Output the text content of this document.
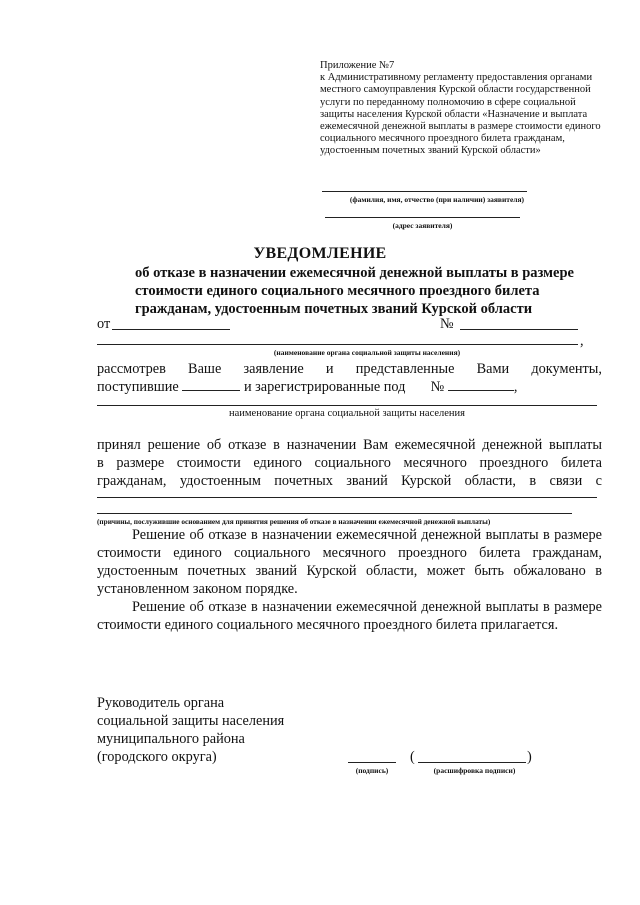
Приложение №7
к Административному регламенту предоставления органами местного самоуправления Курской области государственной услуги по переданному полномочию в сфере социальной защиты населения Курской области «Назначение и выплата ежемесячной денежной выплаты в размере стоимости единого социального месячного проездного билета гражданам, удостоенным почетных званий Курской области»
(фамилия, имя, отчество (при наличии) заявителя)
(адрес заявителя)
УВЕДОМЛЕНИЕ
об отказе в назначении ежемесячной денежной выплаты в размере стоимости единого социального месячного проездного билета гражданам, удостоенным почетных званий Курской области
от	№
,
(наименование органа социальной защиты населения)
рассмотрев Ваше заявление и представленные Вами документы,
поступившие	и зарегистрированные под №	,
наименование органа социальной защиты населения
принял решение об отказе в назначении Вам ежемесячной денежной выплаты
в размере стоимости единого социального месячного проездного билета
гражданам, удостоенным почетных званий Курской области, в связи с
(причины, послужившие основанием для принятия решения об отказе в назначении ежемесячной денежной выплаты)
Решение об отказе в назначении ежемесячной денежной выплаты в размере стоимости единого социального месячного проездного билета гражданам, удостоенным почетных званий Курской области, может быть обжаловано в установленном законом порядке.
Решение об отказе в назначении ежемесячной денежной выплаты в размере стоимости единого социального месячного проездного билета прилагается.
Руководитель органа
социальной защиты населения
муниципального района
(городского округа)
(подпись)
(	)
(расшифровка подписи)
